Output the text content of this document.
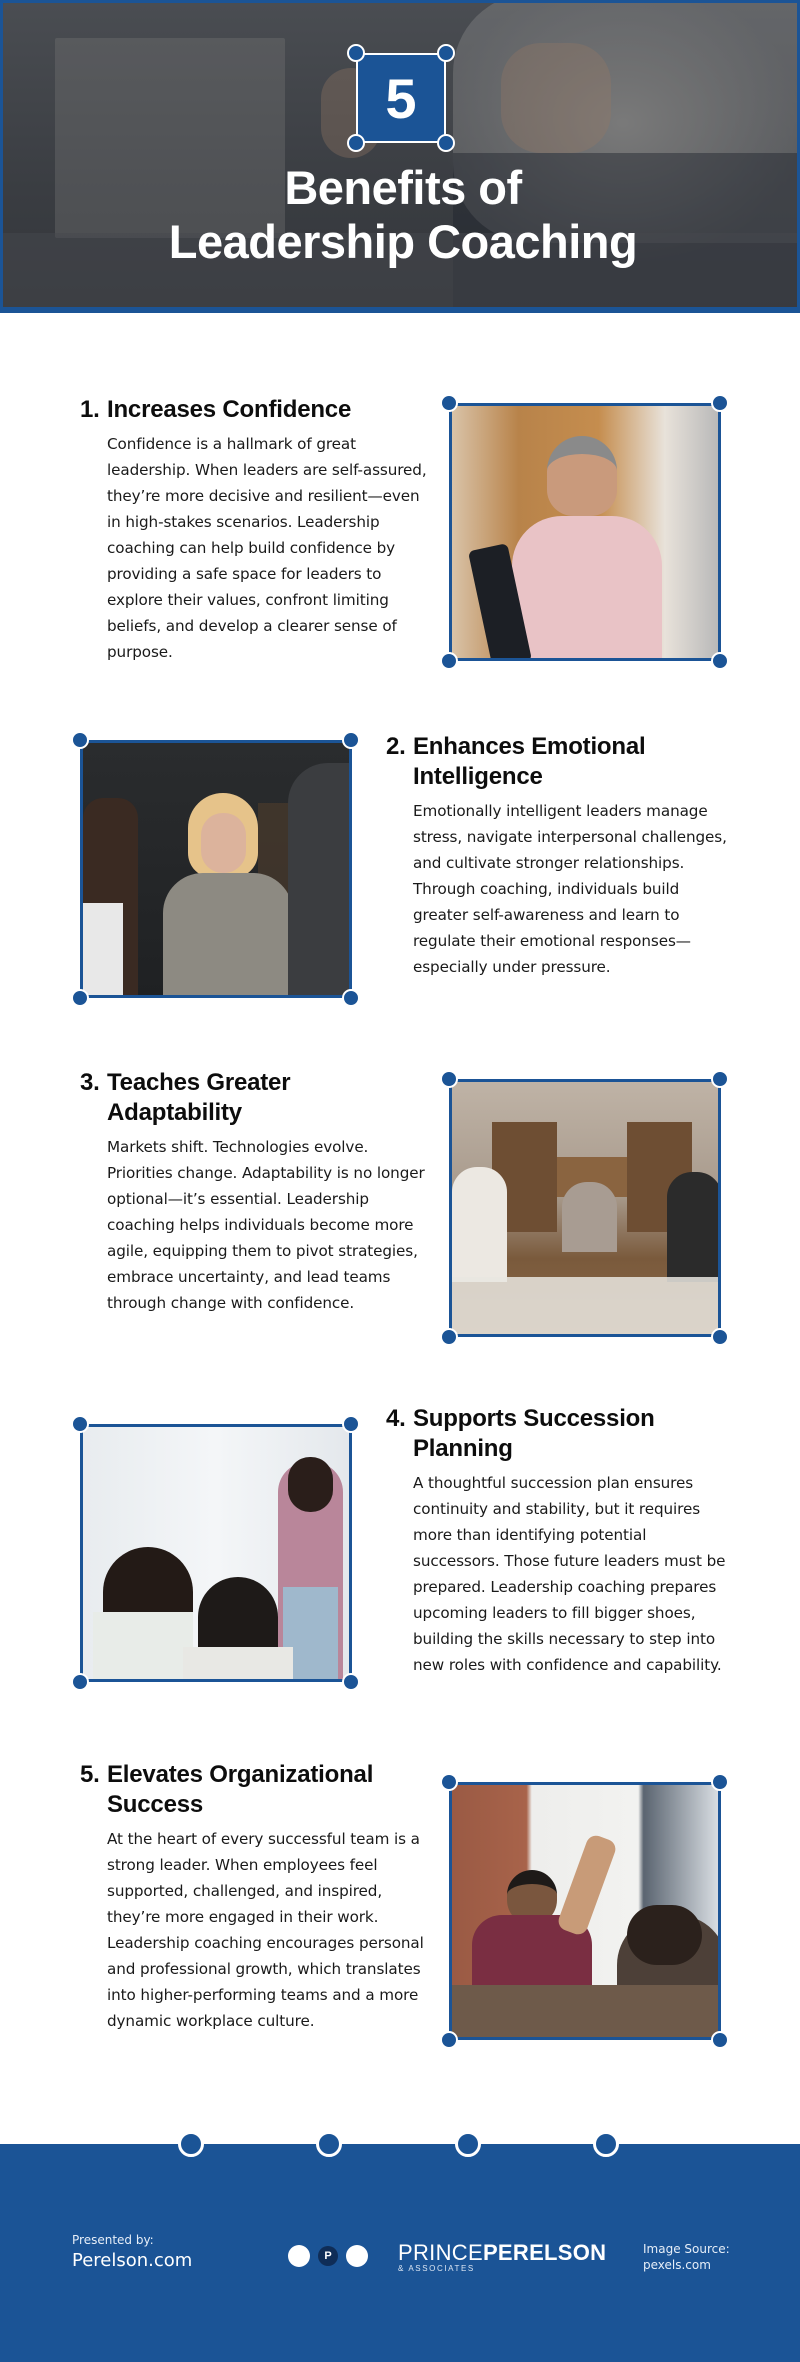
5
Benefits of
Leadership Coaching
1. Increases Confidence

Confidence is a hallmark of great leadership. When leaders are self-assured, they’re more decisive and resilient—even in high-stakes scenarios. Leadership coaching can help build confidence by providing a safe space for leaders to explore their values, confront limiting beliefs, and develop a clearer sense of purpose.

2. Enhances Emotional Intelligence

Emotionally intelligent leaders manage stress, navigate interpersonal challenges, and cultivate stronger relationships. Through coaching, individuals build greater self-awareness and learn to regulate their emotional responses—especially under pressure.

3. Teaches Greater Adaptability

Markets shift. Technologies evolve. Priorities change. Adaptability is no longer optional—it’s essential. Leadership coaching helps individuals become more agile, equipping them to pivot strategies, embrace uncertainty, and lead teams through change with confidence.

4. Supports Succession Planning

A thoughtful succession plan ensures continuity and stability, but it requires more than identifying potential successors. Those future leaders must be prepared. Leadership coaching prepares upcoming leaders to fill bigger shoes, building the skills necessary to step into new roles with confidence and capability.

5. Elevates Organizational Success

At the heart of every successful team is a strong leader. When employees feel supported, challenged, and inspired, they’re more engaged in their work. Leadership coaching encourages personal and professional growth, which translates into higher-performing teams and a more dynamic workplace culture.

Presented by:
Perelson.com	P	PRINCEPERELSON
& ASSOCIATES
Image Source:
pexels.com
